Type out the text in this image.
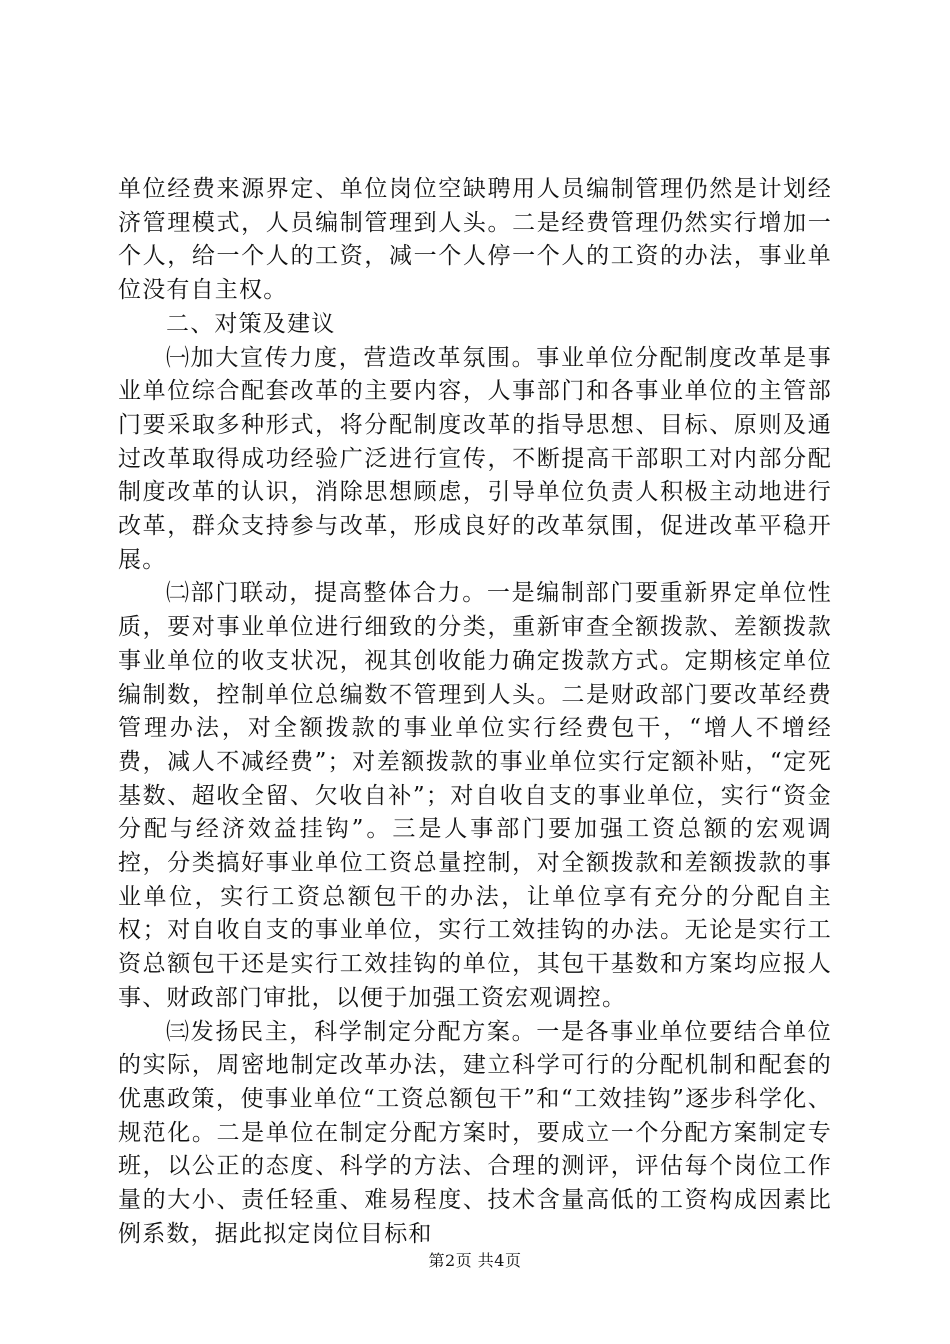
单位经费来源界定、单位岗位空缺聘用人员编制管理仍然是计划经济管理模式，人员编制管理到人头。二是经费管理仍然实行增加一个人，给一个人的工资，减一个人停一个人的工资的办法，事业单位没有自主权。

二、对策及建议

㈠加大宣传力度，营造改革氛围。事业单位分配制度改革是事业单位综合配套改革的主要内容，人事部门和各事业单位的主管部门要采取多种形式，将分配制度改革的指导思想、目标、原则及通过改革取得成功经验广泛进行宣传，不断提高干部职工对内部分配制度改革的认识，消除思想顾虑，引导单位负责人积极主动地进行改革，群众支持参与改革，形成良好的改革氛围，促进改革平稳开展。

㈡部门联动，提高整体合力。一是编制部门要重新界定单位性质，要对事业单位进行细致的分类，重新审查全额拨款、差额拨款事业单位的收支状况，视其创收能力确定拨款方式。定期核定单位编制数，控制单位总编数不管理到人头。二是财政部门要改革经费管理办法，对全额拨款的事业单位实行经费包干，“增人不增经费，减人不减经费”；对差额拨款的事业单位实行定额补贴，“定死基数、超收全留、欠收自补”；对自收自支的事业单位，实行“资金分配与经济效益挂钩”。三是人事部门要加强工资总额的宏观调控，分类搞好事业单位工资总量控制，对全额拨款和差额拨款的事业单位，实行工资总额包干的办法，让单位享有充分的分配自主权；对自收自支的事业单位，实行工效挂钩的办法。无论是实行工资总额包干还是实行工效挂钩的单位，其包干基数和方案均应报人事、财政部门审批，以便于加强工资宏观调控。

㈢发扬民主，科学制定分配方案。一是各事业单位要结合单位的实际，周密地制定改革办法，建立科学可行的分配机制和配套的优惠政策，使事业单位“工资总额包干”和“工效挂钩”逐步科学化、规范化。二是单位在制定分配方案时，要成立一个分配方案制定专班，以公正的态度、科学的方法、合理的测评，评估每个岗位工作量的大小、责任轻重、难易程度、技术含量高低的工资构成因素比例系数，据此拟定岗位目标和

第2页 共4页
